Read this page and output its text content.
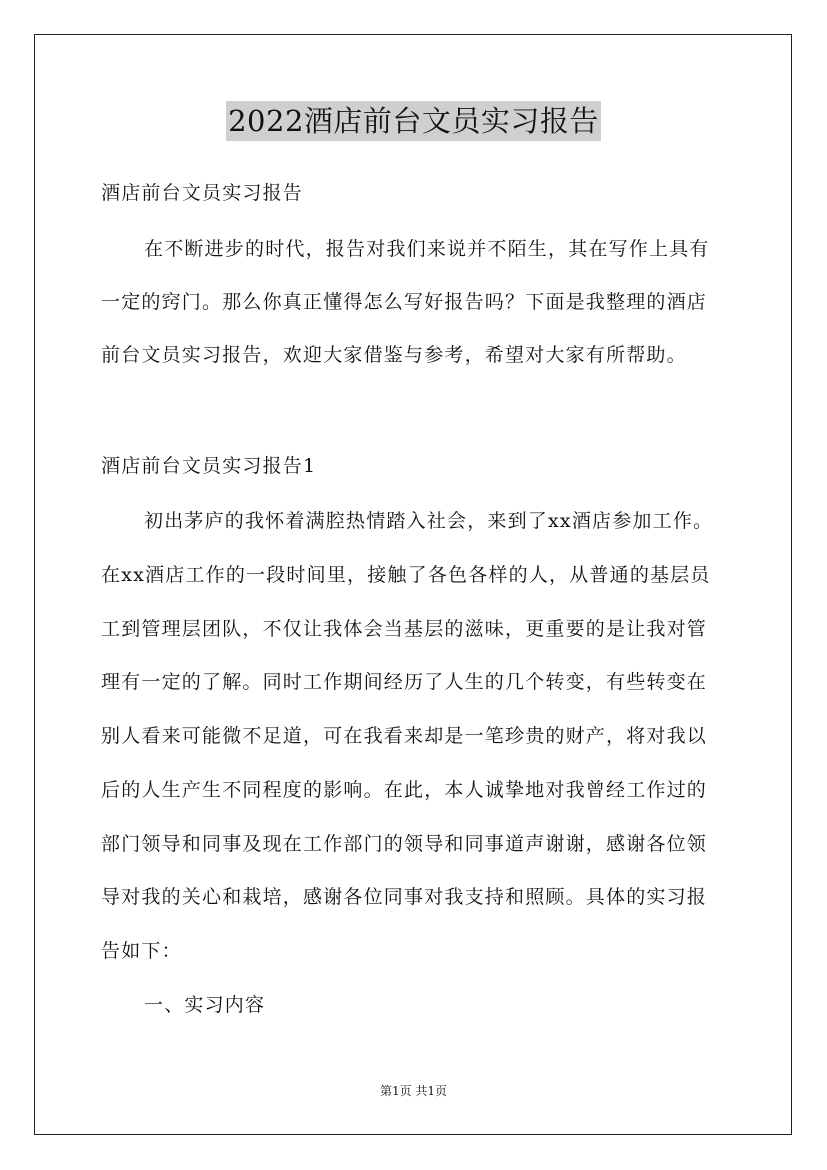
2022酒店前台文员实习报告
酒店前台文员实习报告
在不断进步的时代，报告对我们来说并不陌生，其在写作上具有
一定的窍门。那么你真正懂得怎么写好报告吗？下面是我整理的酒店
前台文员实习报告，欢迎大家借鉴与参考，希望对大家有所帮助。
酒店前台文员实习报告1
初出茅庐的我怀着满腔热情踏入社会，来到了xx酒店参加工作。
在xx酒店工作的一段时间里，接触了各色各样的人，从普通的基层员
工到管理层团队，不仅让我体会当基层的滋味，更重要的是让我对管
理有一定的了解。同时工作期间经历了人生的几个转变，有些转变在
别人看来可能微不足道，可在我看来却是一笔珍贵的财产，将对我以
后的人生产生不同程度的影响。在此，本人诚挚地对我曾经工作过的
部门领导和同事及现在工作部门的领导和同事道声谢谢，感谢各位领
导对我的关心和栽培，感谢各位同事对我支持和照顾。具体的实习报
告如下：
一、实习内容
第1页 共1页
